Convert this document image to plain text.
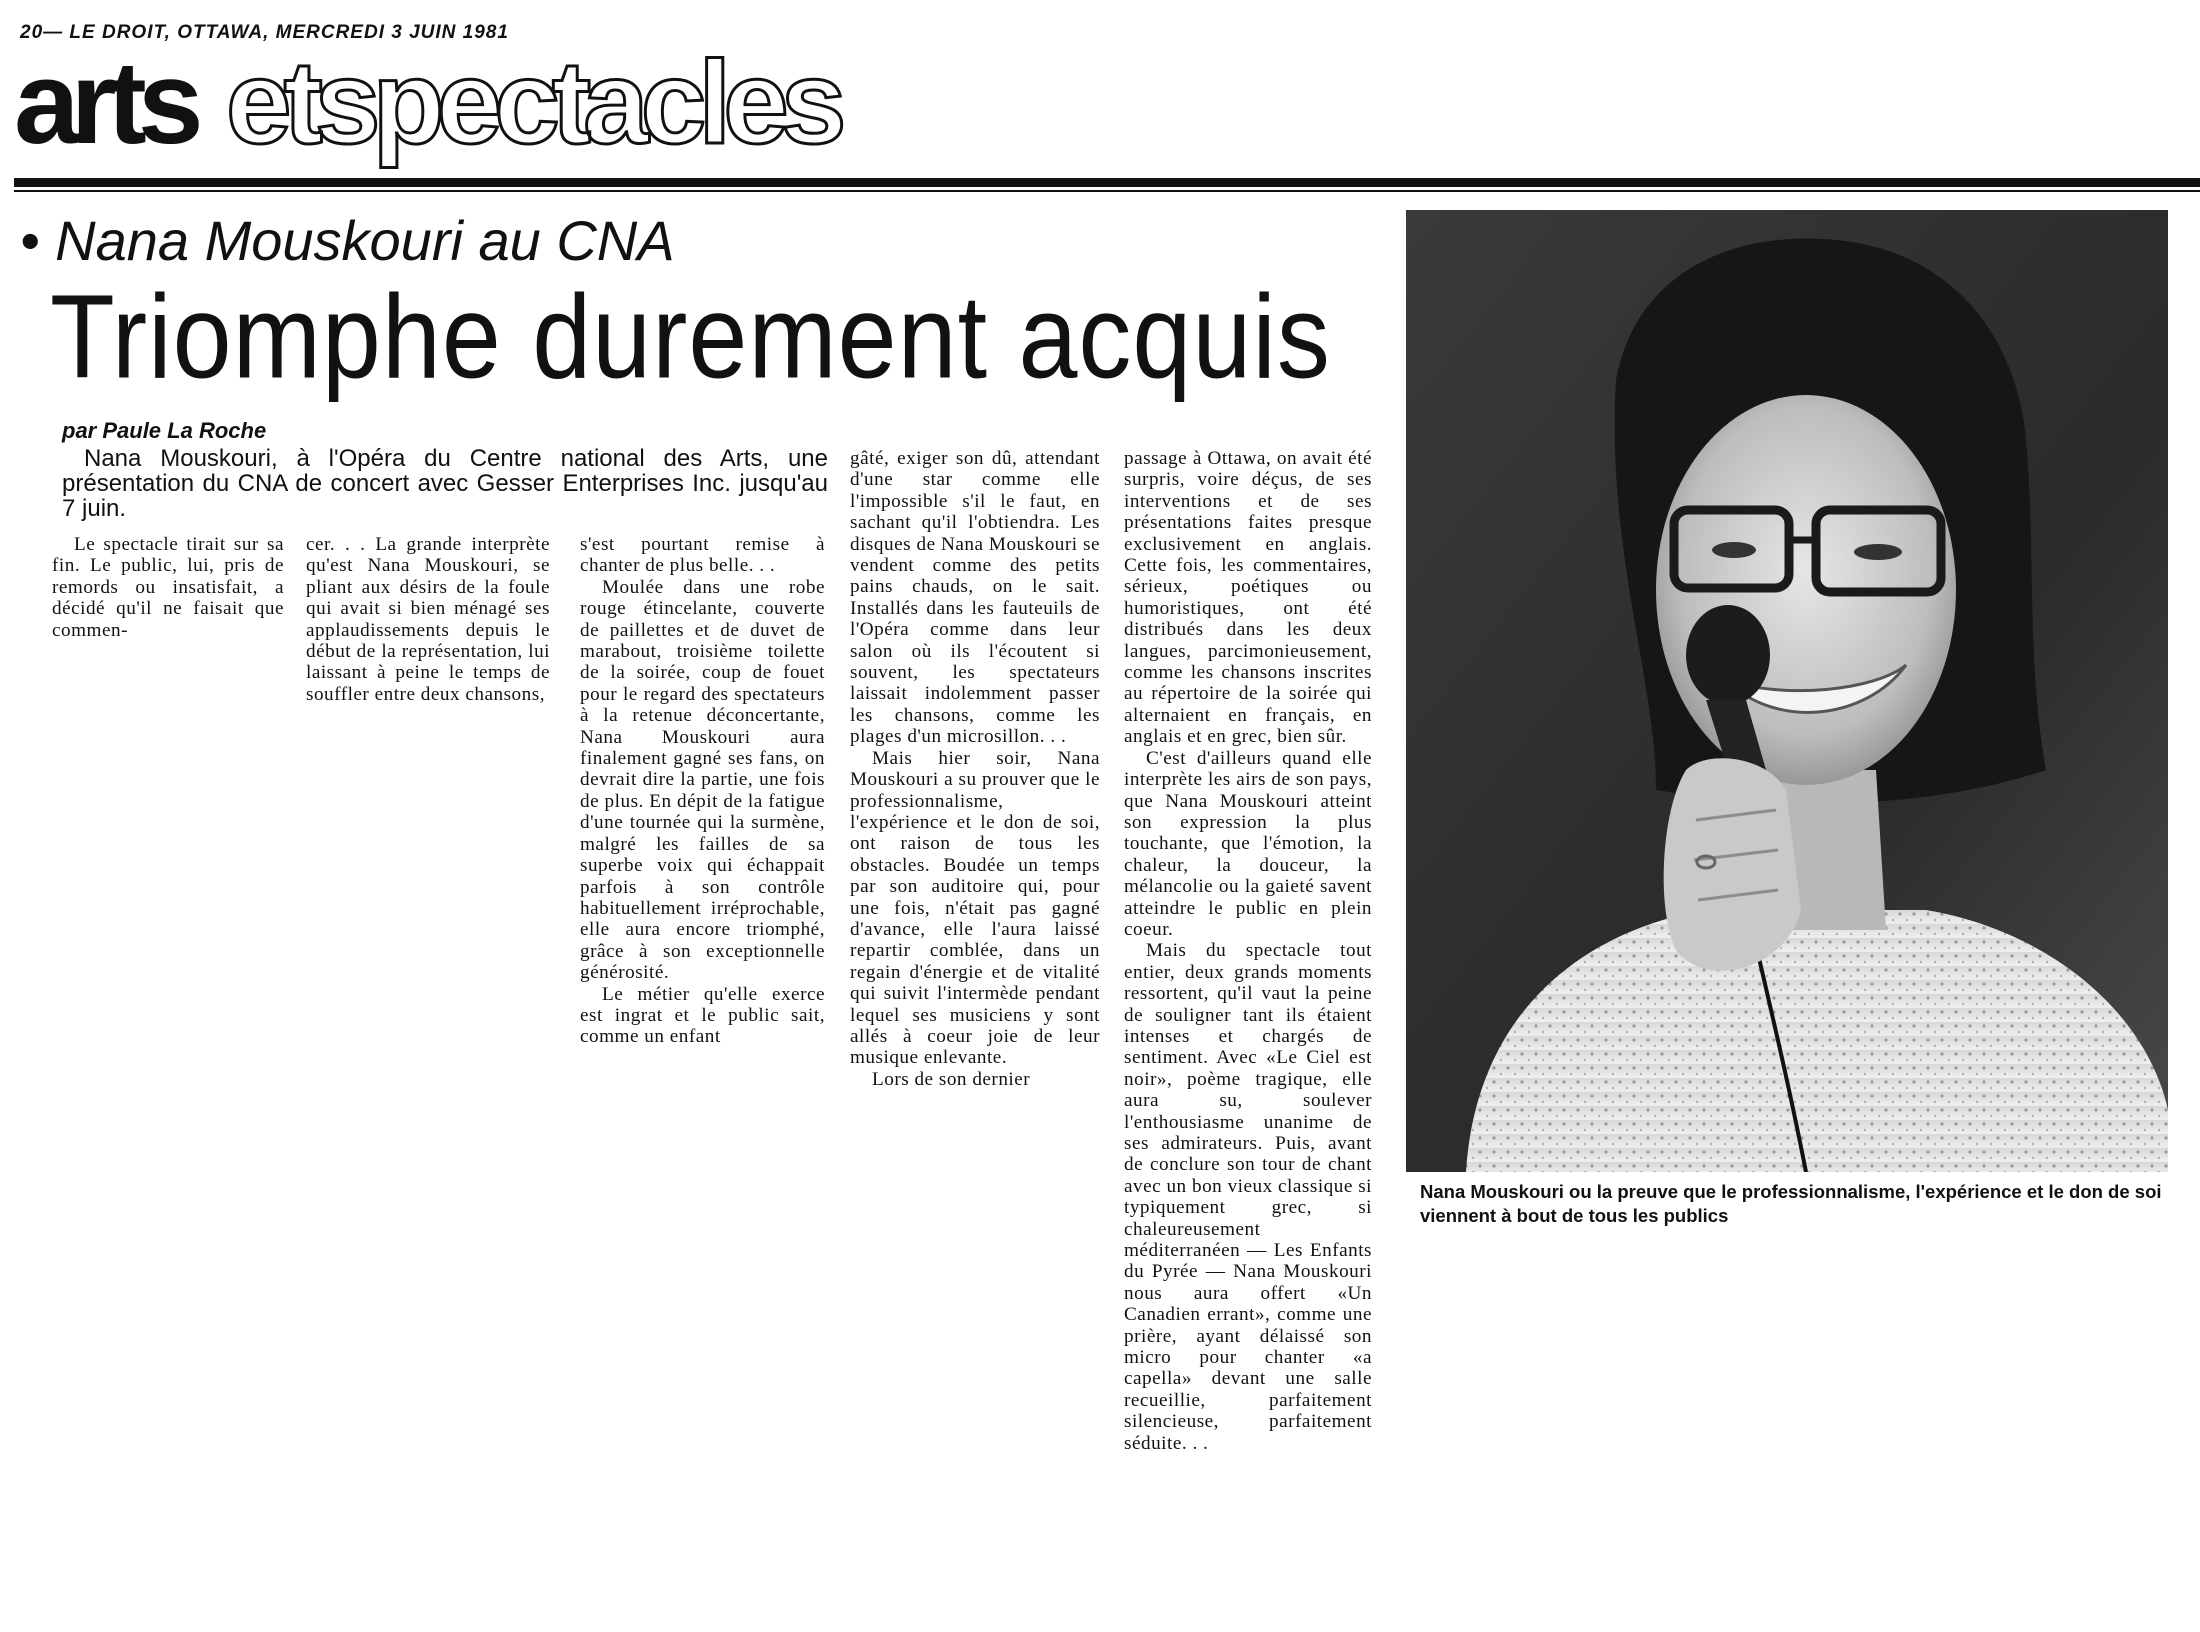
20— LE DROIT, OTTAWA, MERCREDI 3 JUIN 1981
arts etspectacles
• Nana Mouskouri au CNA
Triomphe durement acquis
par Paule La Roche
Nana Mouskouri, à l'Opéra du Centre national des Arts, une présentation du CNA de concert avec Gesser Enterprises Inc. jusqu'au 7 juin.

Le spectacle tirait sur sa fin. Le public, lui, pris de remords ou insatisfait, a décidé qu'il ne faisait que commen-

cer. . . La grande interprète qu'est Nana Mouskouri, se pliant aux désirs de la foule qui avait si bien ménagé ses applaudissements depuis le début de la représentation, lui laissant à peine le temps de souffler entre deux chansons,

s'est pourtant remise à chanter de plus belle. . .

Moulée dans une robe rouge étincelante, couverte de paillettes et de duvet de marabout, troisième toilette de la soirée, coup de fouet pour le regard des spectateurs à la retenue déconcertante, Nana Mouskouri aura finalement gagné ses fans, on devrait dire la partie, une fois de plus. En dépit de la fatigue d'une tournée qui la surmène, malgré les failles de sa superbe voix qui échappait parfois à son contrôle habituellement irréprochable, elle aura encore triomphé, grâce à son exceptionnelle générosité.

Le métier qu'elle exerce est ingrat et le public sait, comme un enfant

gâté, exiger son dû, attendant d'une star comme elle l'impossible s'il le faut, en sachant qu'il l'obtiendra. Les disques de Nana Mouskouri se vendent comme des petits pains chauds, on le sait. Installés dans les fauteuils de l'Opéra comme dans leur salon où ils l'écoutent si souvent, les spectateurs laissait indolemment passer les chansons, comme les plages d'un microsillon. . .

Mais hier soir, Nana Mouskouri a su prouver que le professionnalisme, l'expérience et le don de soi, ont raison de tous les obstacles. Boudée un temps par son auditoire qui, pour une fois, n'était pas gagné d'avance, elle l'aura laissé repartir comblée, dans un regain d'énergie et de vitalité qui suivit l'intermède pendant lequel ses musiciens y sont allés à coeur joie de leur musique enlevante.

Lors de son dernier

passage à Ottawa, on avait été surpris, voire déçus, de ses interventions et de ses présentations faites presque exclusivement en anglais. Cette fois, les commentaires, sérieux, poétiques ou humoristiques, ont été distribués dans les deux langues, parcimonieusement, comme les chansons inscrites au répertoire de la soirée qui alternaient en français, en anglais et en grec, bien sûr.

C'est d'ailleurs quand elle interprète les airs de son pays, que Nana Mouskouri atteint son expression la plus touchante, que l'émotion, la chaleur, la douceur, la mélancolie ou la gaieté savent atteindre le public en plein coeur.

Mais du spectacle tout entier, deux grands moments ressortent, qu'il vaut la peine de souligner tant ils étaient intenses et chargés de sentiment. Avec «Le Ciel est noir», poème tragique, elle aura su, soulever l'enthousiasme unanime de ses admirateurs. Puis, avant de conclure son tour de chant avec un bon vieux classique si typiquement grec, si chaleureusement méditerranéen — Les Enfants du Pyrée — Nana Mouskouri nous aura offert «Un Canadien errant», comme une prière, ayant délaissé son micro pour chanter «a capella» devant une salle recueillie, parfaitement silencieuse, parfaitement séduite. . .

Nana Mouskouri ou la preuve que le professionnalisme, l'expérience et le don de soi viennent à bout de tous les publics
